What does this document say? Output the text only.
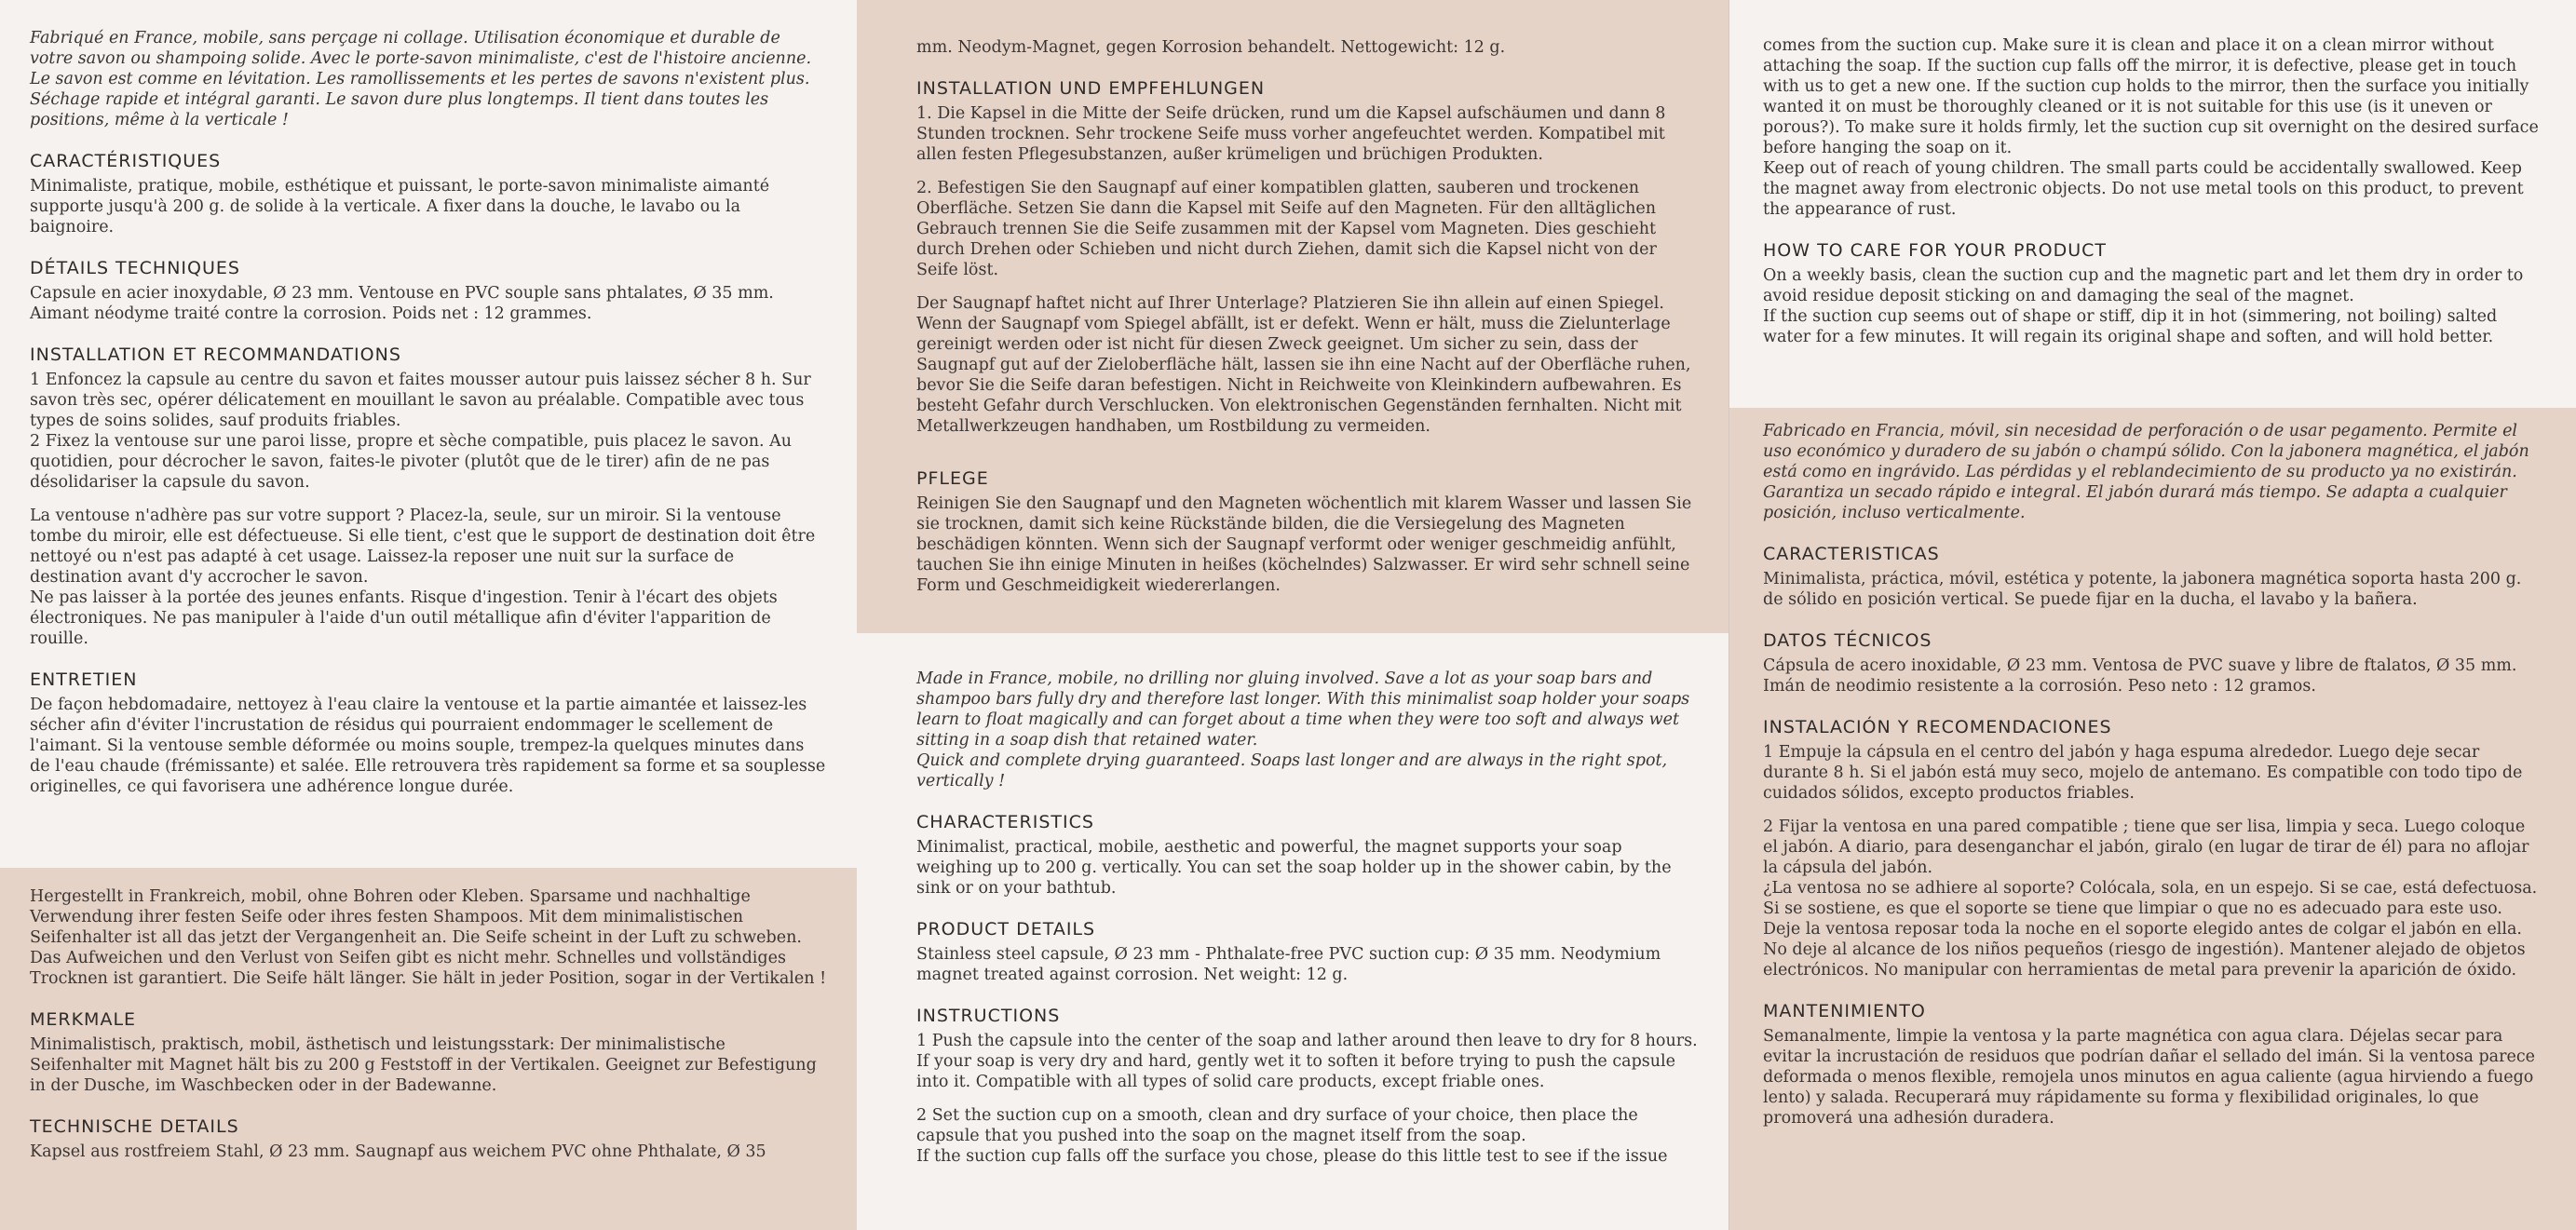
Fabriqué en France, mobile, sans perçage ni collage. Utilisation économique et durable de votre savon ou shampoing solide. Avec le porte-savon minimaliste, c'est de l'histoire ancienne. Le savon est comme en lévitation. Les ramollissements et les pertes de savons n'existent plus. Séchage rapide et intégral garanti. Le savon dure plus longtemps. Il tient dans toutes les positions, même à la verticale !

CARACTÉRISTIQUES

Minimaliste, pratique, mobile, esthétique et puissant, le porte-savon minimaliste aimanté supporte jusqu'à 200 g. de solide à la verticale. A fixer dans la douche, le lavabo ou la baignoire.

DÉTAILS TECHNIQUES

Capsule en acier inoxydable, Ø 23 mm. Ventouse en PVC souple sans phtalates, Ø 35 mm. Aimant néodyme traité contre la corrosion. Poids net : 12 grammes.

INSTALLATION ET RECOMMANDATIONS

1 Enfoncez la capsule au centre du savon et faites mousser autour puis laissez sécher 8 h. Sur savon très sec, opérer délicatement en mouillant le savon au préalable. Compatible avec tous types de soins solides, sauf produits friables.

2 Fixez la ventouse sur une paroi lisse, propre et sèche compatible, puis placez le savon. Au quotidien, pour décrocher le savon, faites-le pivoter (plutôt que de le tirer) afin de ne pas désolidariser la capsule du savon.

La ventouse n'adhère pas sur votre support ? Placez-la, seule, sur un miroir. Si la ventouse tombe du miroir, elle est défectueuse. Si elle tient, c'est que le support de destination doit être nettoyé ou n'est pas adapté à cet usage. Laissez-la reposer une nuit sur la surface de destination avant d'y accrocher le savon.

Ne pas laisser à la portée des jeunes enfants. Risque d'ingestion. Tenir à l'écart des objets électroniques. Ne pas manipuler à l'aide d'un outil métallique afin d'éviter l'apparition de rouille.

ENTRETIEN

De façon hebdomadaire, nettoyez à l'eau claire la ventouse et la partie aimantée et laissez-les sécher afin d'éviter l'incrustation de résidus qui pourraient endommager le scellement de l'aimant. Si la ventouse semble déformée ou moins souple, trempez-la quelques minutes dans de l'eau chaude (frémissante) et salée. Elle retrouvera très rapidement sa forme et sa souplesse originelles, ce qui favorisera une adhérence longue durée.

Hergestellt in Frankreich, mobil, ohne Bohren oder Kleben. Sparsame und nachhaltige Verwendung ihrer festen Seife oder ihres festen Shampoos. Mit dem minimalistischen Seifenhalter ist all das jetzt der Vergangenheit an. Die Seife scheint in der Luft zu schweben. Das Aufweichen und den Verlust von Seifen gibt es nicht mehr. Schnelles und vollständiges Trocknen ist garantiert. Die Seife hält länger. Sie hält in jeder Position, sogar in der Vertikalen !

MERKMALE

Minimalistisch, praktisch, mobil, ästhetisch und leistungsstark: Der minimalistische Seifenhalter mit Magnet hält bis zu 200 g Feststoff in der Vertikalen. Geeignet zur Befestigung in der Dusche, im Waschbecken oder in der Badewanne.

TECHNISCHE DETAILS

Kapsel aus rostfreiem Stahl, Ø 23 mm. Saugnapf aus weichem PVC ohne Phthalate, Ø 35

mm. Neodym-Magnet, gegen Korrosion behandelt. Nettogewicht: 12 g.

INSTALLATION UND EMPFEHLUNGEN

1. Die Kapsel in die Mitte der Seife drücken, rund um die Kapsel aufschäumen und dann 8 Stunden trocknen. Sehr trockene Seife muss vorher angefeuchtet werden. Kompatibel mit allen festen Pflegesubstanzen, außer krümeligen und brüchigen Produkten.

2. Befestigen Sie den Saugnapf auf einer kompatiblen glatten, sauberen und trockenen Oberfläche. Setzen Sie dann die Kapsel mit Seife auf den Magneten. Für den alltäglichen Gebrauch trennen Sie die Seife zusammen mit der Kapsel vom Magneten. Dies geschieht durch Drehen oder Schieben und nicht durch Ziehen, damit sich die Kapsel nicht von der Seife löst.

Der Saugnapf haftet nicht auf Ihrer Unterlage? Platzieren Sie ihn allein auf einen Spiegel. Wenn der Saugnapf vom Spiegel abfällt, ist er defekt. Wenn er hält, muss die Zielunterlage gereinigt werden oder ist nicht für diesen Zweck geeignet. Um sicher zu sein, dass der Saugnapf gut auf der Zieloberfläche hält, lassen sie ihn eine Nacht auf der Oberfläche ruhen, bevor Sie die Seife daran befestigen. Nicht in Reichweite von Kleinkindern aufbewahren. Es besteht Gefahr durch Verschlucken. Von elektronischen Gegenständen fernhalten. Nicht mit Metallwerkzeugen handhaben, um Rostbildung zu vermeiden.

PFLEGE

Reinigen Sie den Saugnapf und den Magneten wöchentlich mit klarem Wasser und lassen Sie sie trocknen, damit sich keine Rückstände bilden, die die Versiegelung des Magneten beschädigen könnten. Wenn sich der Saugnapf verformt oder weniger geschmeidig anfühlt, tauchen Sie ihn einige Minuten in heißes (köchelndes) Salzwasser. Er wird sehr schnell seine Form und Geschmeidigkeit wiedererlangen.

Made in France, mobile, no drilling nor gluing involved. Save a lot as your soap bars and shampoo bars fully dry and therefore last longer. With this minimalist soap holder your soaps learn to float magically and can forget about a time when they were too soft and always wet sitting in a soap dish that retained water.

Quick and complete drying guaranteed. Soaps last longer and are always in the right spot, vertically !

CHARACTERISTICS

Minimalist, practical, mobile, aesthetic and powerful, the magnet supports your soap weighing up to 200 g. vertically. You can set the soap holder up in the shower cabin, by the sink or on your bathtub.

PRODUCT DETAILS

Stainless steel capsule, Ø 23 mm - Phthalate-free PVC suction cup: Ø 35 mm. Neodymium magnet treated against corrosion. Net weight: 12 g.

INSTRUCTIONS

1 Push the capsule into the center of the soap and lather around then leave to dry for 8 hours. If your soap is very dry and hard, gently wet it to soften it before trying to push the capsule into it. Compatible with all types of solid care products, except friable ones.

2 Set the suction cup on a smooth, clean and dry surface of your choice, then place the capsule that you pushed into the soap on the magnet itself from the soap.

If the suction cup falls off the surface you chose, please do this little test to see if the issue

comes from the suction cup. Make sure it is clean and place it on a clean mirror without attaching the soap. If the suction cup falls off the mirror, it is defective, please get in touch with us to get a new one. If the suction cup holds to the mirror, then the surface you initially wanted it on must be thoroughly cleaned or it is not suitable for this use (is it uneven or porous?). To make sure it holds firmly, let the suction cup sit overnight on the desired surface before hanging the soap on it.

Keep out of reach of young children. The small parts could be accidentally swallowed. Keep the magnet away from electronic objects. Do not use metal tools on this product, to prevent the appearance of rust.

HOW TO CARE FOR YOUR PRODUCT

On a weekly basis, clean the suction cup and the magnetic part and let them dry in order to avoid residue deposit sticking on and damaging the seal of the magnet.

If the suction cup seems out of shape or stiff, dip it in hot (simmering, not boiling) salted water for a few minutes. It will regain its original shape and soften, and will hold better.

Fabricado en Francia, móvil, sin necesidad de perforación o de usar pegamento. Permite el uso económico y duradero de su jabón o champú sólido. Con la jabonera magnética, el jabón está como en ingrávido. Las pérdidas y el reblandecimiento de su producto ya no existirán. Garantiza un secado rápido e integral. El jabón durará más tiempo. Se adapta a cualquier posición, incluso verticalmente.

CARACTERISTICAS

Minimalista, práctica, móvil, estética y potente, la jabonera magnética soporta hasta 200 g. de sólido en posición vertical. Se puede fijar en la ducha, el lavabo y la bañera.

DATOS TÉCNICOS

Cápsula de acero inoxidable, Ø 23 mm. Ventosa de PVC suave y libre de ftalatos, Ø 35 mm. Imán de neodimio resistente a la corrosión. Peso neto : 12 gramos.

INSTALACIÓN Y RECOMENDACIONES

1 Empuje la cápsula en el centro del jabón y haga espuma alrededor. Luego deje secar durante 8 h. Si el jabón está muy seco, mojelo de antemano. Es compatible con todo tipo de cuidados sólidos, excepto productos friables.

2 Fijar la ventosa en una pared compatible ; tiene que ser lisa, limpia y seca. Luego coloque el jabón. A diario, para desenganchar el jabón, giralo (en lugar de tirar de él) para no aflojar la cápsula del jabón.

¿La ventosa no se adhiere al soporte? Colócala, sola, en un espejo. Si se cae, está defectuosa. Si se sostiene, es que el soporte se tiene que limpiar o que no es adecuado para este uso.

Deje la ventosa reposar toda la noche en el soporte elegido antes de colgar el jabón en ella. No deje al alcance de los niños pequeños (riesgo de ingestión). Mantener alejado de objetos electrónicos. No manipular con herramientas de metal para prevenir la aparición de óxido.

MANTENIMIENTO

Semanalmente, limpie la ventosa y la parte magnética con agua clara. Déjelas secar para evitar la incrustación de residuos que podrían dañar el sellado del imán. Si la ventosa parece deformada o menos flexible, remojela unos minutos en agua caliente (agua hirviendo a fuego lento) y salada. Recuperará muy rápidamente su forma y flexibilidad originales, lo que promoverá una adhesión duradera.
